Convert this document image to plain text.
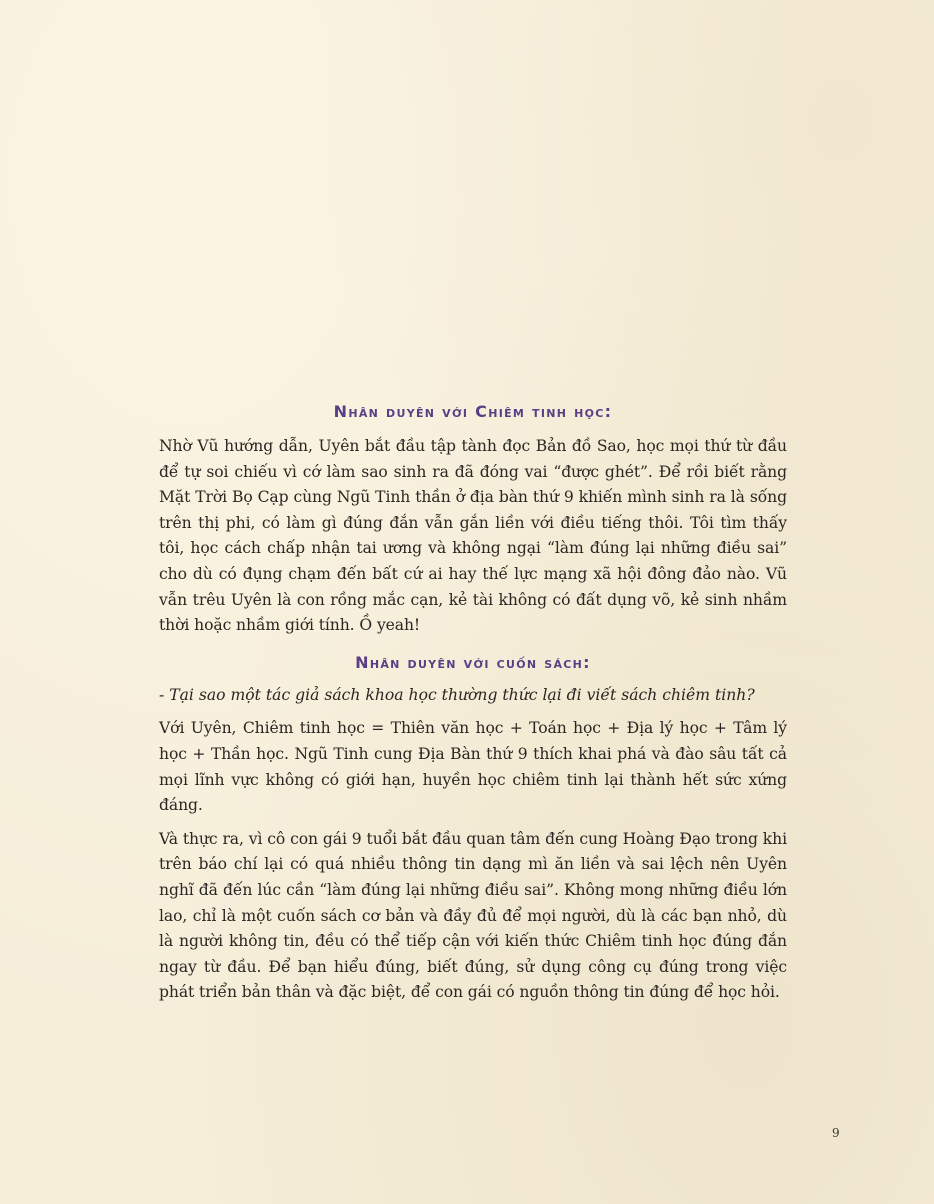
Nhân duyên với Chiêm tinh học:

Nhờ Vũ hướng dẫn, Uyên bắt đầu tập tành đọc Bản đồ Sao, học mọi thứ từ đầu để tự soi chiếu vì cớ làm sao sinh ra đã đóng vai “được ghét”. Để rồi biết rằng Mặt Trời Bọ Cạp cùng Ngũ Tinh thần ở địa bàn thứ 9 khiến mình sinh ra là sống trên thị phi, có làm gì đúng đắn vẫn gắn liền với điều tiếng thôi. Tôi tìm thấy tôi, học cách chấp nhận tai ương và không ngại “làm đúng lại những điều sai” cho dù có đụng chạm đến bất cứ ai hay thế lực mạng xã hội đông đảo nào. Vũ vẫn trêu Uyên là con rồng mắc cạn, kẻ tài không có đất dụng võ, kẻ sinh nhầm thời hoặc nhầm giới tính. Ồ yeah!

Nhân duyên với cuốn sách:

- Tại sao một tác giả sách khoa học thường thức lại đi viết sách chiêm tinh?

Với Uyên, Chiêm tinh học = Thiên văn học + Toán học + Địa lý học + Tâm lý học + Thần học. Ngũ Tinh cung Địa Bàn thứ 9 thích khai phá và đào sâu tất cả mọi lĩnh vực không có giới hạn, huyền học chiêm tinh lại thành hết sức xứng đáng.

Và thực ra, vì cô con gái 9 tuổi bắt đầu quan tâm đến cung Hoàng Đạo trong khi trên báo chí lại có quá nhiều thông tin dạng mì ăn liền và sai lệch nên Uyên nghĩ đã đến lúc cần “làm đúng lại những điều sai”. Không mong những điều lớn lao, chỉ là một cuốn sách cơ bản và đầy đủ để mọi người, dù là các bạn nhỏ, dù là người không tin, đều có thể tiếp cận với kiến thức Chiêm tinh học đúng đắn ngay từ đầu. Để bạn hiểu đúng, biết đúng, sử dụng công cụ đúng trong việc phát triển bản thân và đặc biệt, để con gái có nguồn thông tin đúng để học hỏi.

9
